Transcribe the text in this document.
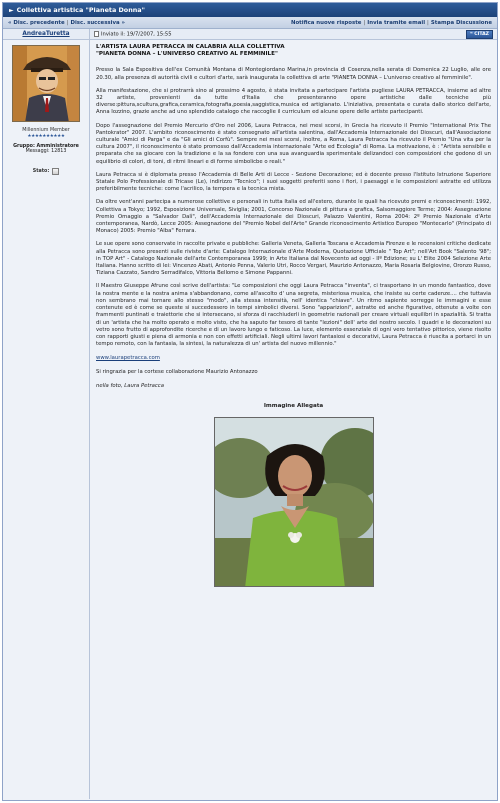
► Collettiva artistica "Pianeta Donna"
« Disc. precedente | Disc. successiva »	Notifica nuove risposte | Invia tramite email | Stampa Discussione
AndreaTuretta	Inviato il: 19/7/2007, 15:55	❝ CITAZ
Millennium Member
★★★★★★★★★★
Gruppo: Amministratore
Messaggi: 12813
Stato:
L'ARTISTA LAURA PETRACCA IN CALABRIA ALLA COLLETTIVA
"PIANETA DONNA – L'UNIVERSO CREATIVO AL FEMMINILE"

Presso la Sala Espositiva dell'ex Comunità Montana di Montegiordano Marina,in provincia di Cosenza,nella serata di Domenica 22 Luglio, alle ore 20.30, alla presenza di autorità civili e cultori d'arte, sarà inaugurata la collettiva di arte "PIANETA DONNA – L'universo creativo al femminile".

Alla manifestazione, che si protrarrà sino al prossimo 4 agosto, è stata invitata a partecipare l'artista pugliese LAURA PETRACCA, insieme ad altre 32 artiste, provenienti da tutte d'Italia che presenteranno opere artistiche dalle tecniche più diverse:pittura,scultura,grafica,ceramica,fotografia,poesia,saggistica,musica ed artigianato. L'iniziativa, presentata e curata dallo storico dell'arte, Anna Iozzino, grazie anche ad uno splendido catalogo che raccoglie il curriculum ed alcune opere delle artiste partecipanti.

Dopo l'assegnazione del Premio Mercurio d'Oro nel 2006, Laura Petracca, nei mesi scorsi, in Grecia ha ricevuto il Premio "International Prix The Pantokrator" 2007. L'ambito riconoscimento è stato consegnato all'artista salentina, dall'Accademia Internazionale dei Dioscuri, dall'Associazione culturale "Amici di Parga" e da "Gli amici di Corfù". Sempre nei mesi scorsi, inoltre, a Roma, Laura Petracca ha ricevuto il Premio "Una vita per la cultura 2007", il riconoscimento è stato promosso dall'Accademia internazionale "Arte ed Ecologia" di Roma. La motivazione, è : "Artista sensibile e preparata che sa giocare con la tradizione e la sa fondere con una sua avanguardia sperimentale delizandoci con composizioni che godono di un equilibrio di colori, di toni, di ritmi lineari e di forme simbolicbe o reali."

Laura Petracca si è diplomata presso l'Accademia di Belle Arti di Lecce - Sezione Decorazione; ed è docente presso l'Istituto Istruzione Superiore Statale Polo Professionale di Tricase (Le), indirizzo "Tecnico"; i suoi soggetti preferiti sono i fiori, i paesaggi e le composizioni astratte ed utilizza preferibilmente tecniche: come l'acrilico, la tempera e la tecnica mista.

Da oltre vent'anni partecipa a numerose collettive e personali in tutta Italia ed all'estero, durante le quali ha ricevuto premi e riconoscimenti: 1992, Collettiva a Tokyo; 1992, Esposizione Universale, Siviglia; 2001, Concorso Nazionale di pittura e grafica, Salsomaggiore Terme; 2004: Assegnazione Premio Omaggio a "Salvador Dalì", dell'Accademia Internazionale dei Dioscuri, Palazzo Valentini, Roma 2004: 2º Premio Nazionale d'Arte contemporanea, Nardò, Lecce 2005: Assegnazione del "Premio Nobel dell'Arte" Grande riconoscimento Artistico Europeo "Montecarlo" (Principato di Monaco) 2005: Premio "Alba" Ferrara.

Le sue opere sono conservate in raccolte private e pubbliche: Galleria Veneta, Galleria Toscana e Accademia Firenze e le recensioni critiche dedicate alla Petracca sono presenti sulle riviste d'arte: Catalogo Internazionale d'Arte Moderna, Quotazione Ufficiale " Top Art"; nell'Art Book "Salento '98"; in TOP Art" - Catalogo Nazionale dell'arte Contemporanea 1999; in Arte Italiana dal Novecento ad oggi - IIº Edizione; su L' Elite 2004 Selezione Arte Italiana. Hanno scritto di lei: Vincenzo Abati, Antonio Penna, Valerio Utri, Rocco Vergari, Maurizio Antonazzo, Maria Rosaria Belgiovine, Oronzo Russo, Tiziana Cazzato, Sandro Serradifalco, Vittoria Bellomo e Simone Pappanni.

Il Maestro Giuseppe Afrune così scrive dell'artista: "Le composizioni che oggi Laura Petracca "inventa", ci trasportano in un mondo fantastico, dove la nostra mente e la nostra anima s'abbandonano, come all'ascolto d' una segreta, misteriosa musica, che insiste su certe cadenze.... che tuttavia non sembrano mai tornare allo stesso "modo", alla stessa intensità, nell' identica "chiave". Un ritmo sapiente sorregge le immagini e esse contenute ed è come se queste si succedessero in tempi simbolici diversi. Sono "apparizioni", astratte ed anche figurative, ottenute a volte con frammenti puntinati e traiettorie che si intersecano, si sforza di racchiuderli in geometrie razionali per creare virtuali equilibri in spazialità. Si tratta di un 'artista che ha molto operato e molto visto, che ha saputo far tesoro di tante "lezioni" dell' arte del nostro secolo. I quadri e le decorazioni su vetro sono frutto di approfondite ricerche e di un lavoro lungo e faticoso. La luce, elemento essenziale di ogni vero tentativo pittorico, viene risolto con rapporti giusti e piena di armonia e non con effetti artificiali. Negli ultimi lavori fantasiosi e decorativi, Laura Petracca è riuscita a portarci in un tempo remoto, con la fantasia, la sintesi, la naturalezza di un' artista del nuovo millennio."

www.laurapetracca.com
Si ringrazia per la cortese collaborazione Maurizio Antonazzo
nella foto, Laura Petracca
Immagine Allegata
